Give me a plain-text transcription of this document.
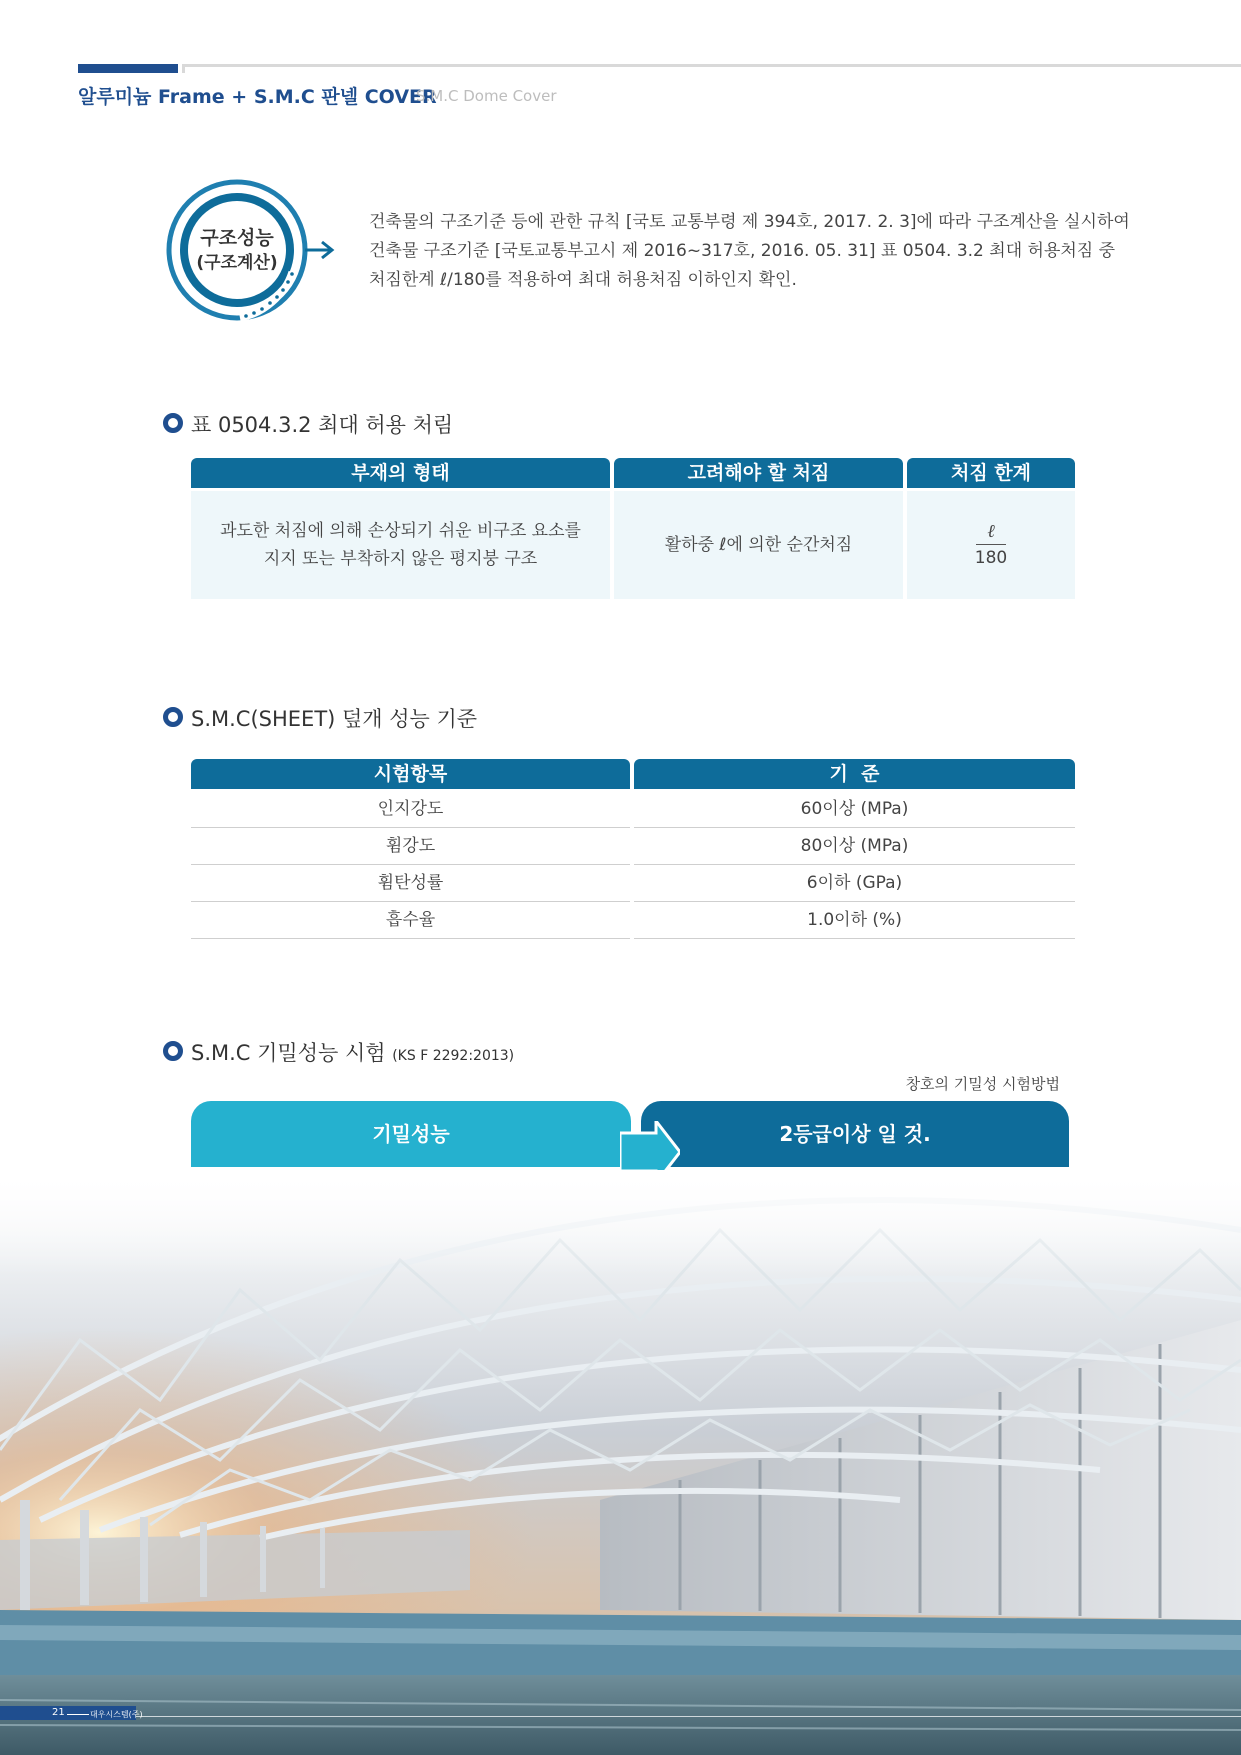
알루미늄 Frame + S.M.C 판넬 COVER
S.M.C Dome Cover
구조성능
(구조계산)

건축물의 구조기준 등에 관한 규칙 [국토 교통부령 제 394호, 2017. 2. 3]에 따라 구조계산을 실시하여

건축물 구조기준 [국토교통부고시 제 2016~317호, 2016. 05. 31] 표 0504. 3.2 최대 허용처짐 중

처짐한계 ℓ/180를 적용하여 최대 허용처짐 이하인지 확인.

표 0504.3.2 최대 허용 처림
부재의 형태	고려해야 할 처짐	처짐 한계
과도한 처짐에 의해 손상되기 쉬운 비구조 요소를
지지 또는 부착하지 않은 평지붕 구조
활하중 ℓ에 의한 순간처짐	$\frac{\text{ℓ}}{180}$
S.M.C(SHEET) 덮개 성능 기준
시험항목	기  준
인지강도	60이상 (MPa)
휨강도	80이상 (MPa)
휨탄성률	6이하 (GPa)
흡수율	1.0이하 (%)
S.M.C 기밀성능 시험 (KS F 2292:2013)
창호의 기밀성 시험방법
기밀성능	2등급이상 일 것.
21	대우시스템(주)
